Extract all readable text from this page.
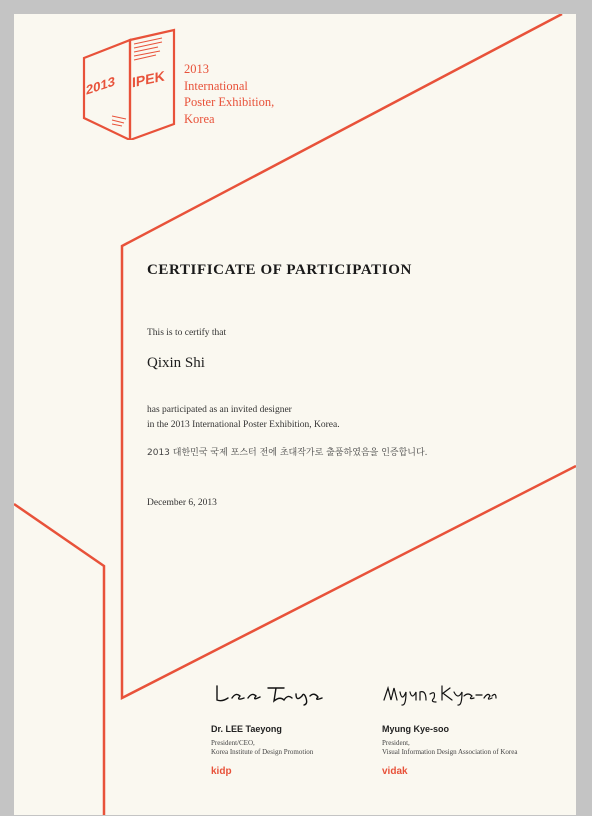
2013 IPEK 2013
International
Poster Exhibition,
Korea
CERTIFICATE OF PARTICIPATION
This is to certify that
Qixin Shi
has participated as an invited designer
in the 2013 International Poster Exhibition, Korea.
2013 대한민국 국제 포스터 전에 초대작가로 출품하였음을 인증합니다.
December 6, 2013
Dr. LEE Taeyong
President/CEO,
Korea Institute of Design Promotion
kidp
Myung Kye-soo
President,
Visual Information Design Association of Korea
vidak
